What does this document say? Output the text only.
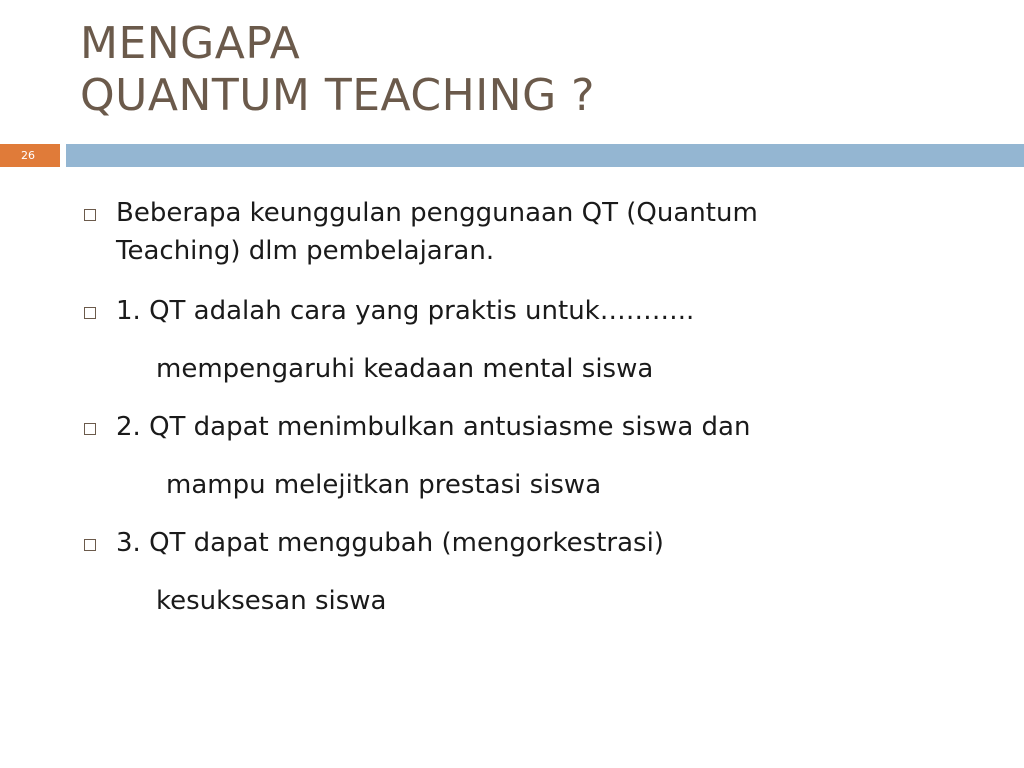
MENGAPA
QUANTUM TEACHING ?
26
Beberapa keunggulan penggunaan QT (Quantum
Teaching) dlm pembelajaran.
1. QT adalah cara yang praktis untuk………..
mempengaruhi keadaan mental siswa
2. QT dapat menimbulkan antusiasme siswa dan
mampu melejitkan prestasi siswa
3. QT dapat menggubah (mengorkestrasi)
kesuksesan siswa
